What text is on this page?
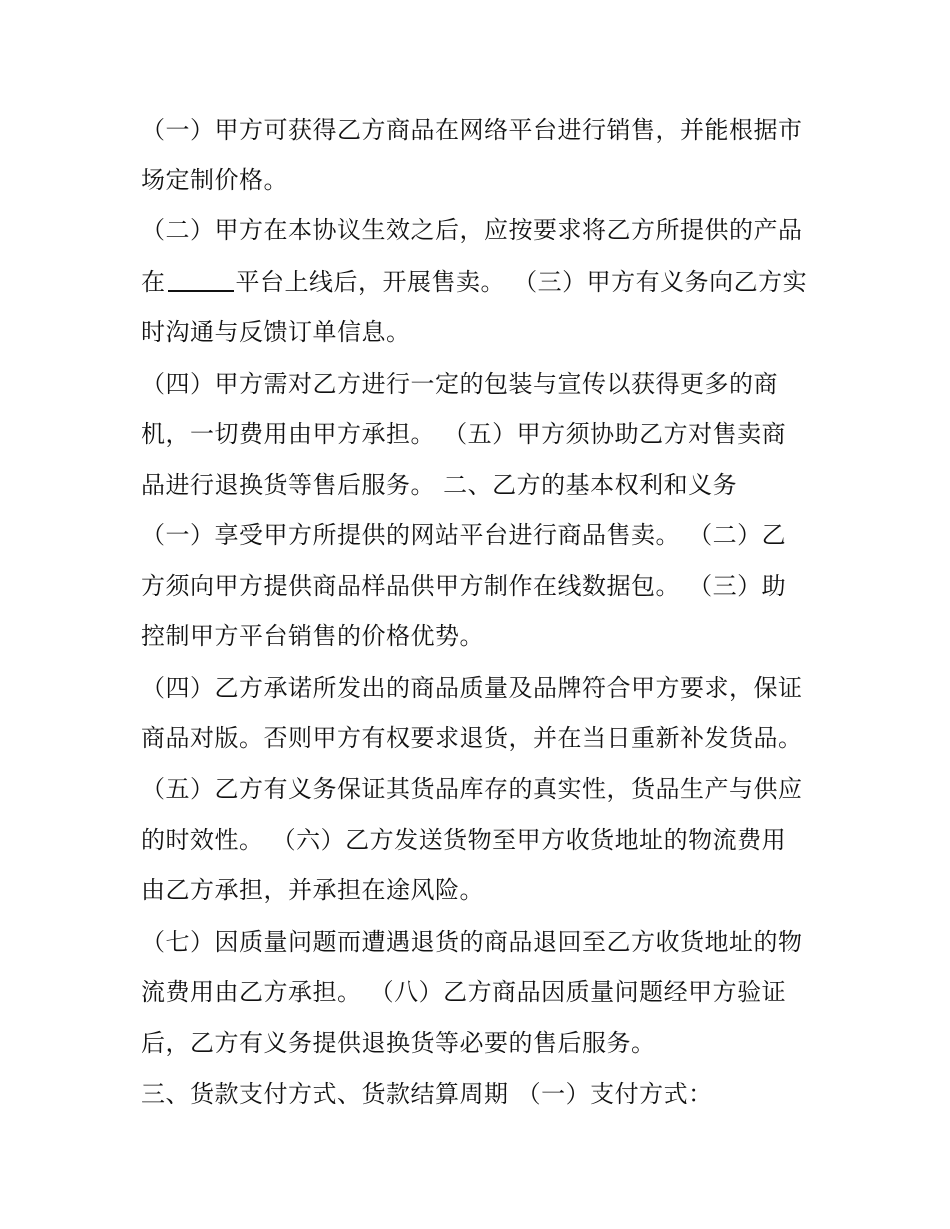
（一）甲方可获得乙方商品在网络平台进行销售，并能根据市
场定制价格。
（二）甲方在本协议生效之后，应按要求将乙方所提供的产品
在	平台上线后，开展售卖。 （三）甲方有义务向乙方实
时沟通与反馈订单信息。
（四）甲方需对乙方进行一定的包装与宣传以获得更多的商
机，一切费用由甲方承担。 （五）甲方须协助乙方对售卖商
品进行退换货等售后服务。 二、乙方的基本权利和义务
（一）享受甲方所提供的网站平台进行商品售卖。 （二）乙
方须向甲方提供商品样品供甲方制作在线数据包。 （三）助
控制甲方平台销售的价格优势。
（四）乙方承诺所发出的商品质量及品牌符合甲方要求，保证
商品对版。否则甲方有权要求退货，并在当日重新补发货品。
（五）乙方有义务保证其货品库存的真实性，货品生产与供应
的时效性。 （六）乙方发送货物至甲方收货地址的物流费用
由乙方承担，并承担在途风险。
（七）因质量问题而遭遇退货的商品退回至乙方收货地址的物
流费用由乙方承担。 （八）乙方商品因质量问题经甲方验证
后，乙方有义务提供退换货等必要的售后服务。
三、货款支付方式、货款结算周期 （一）支付方式：
